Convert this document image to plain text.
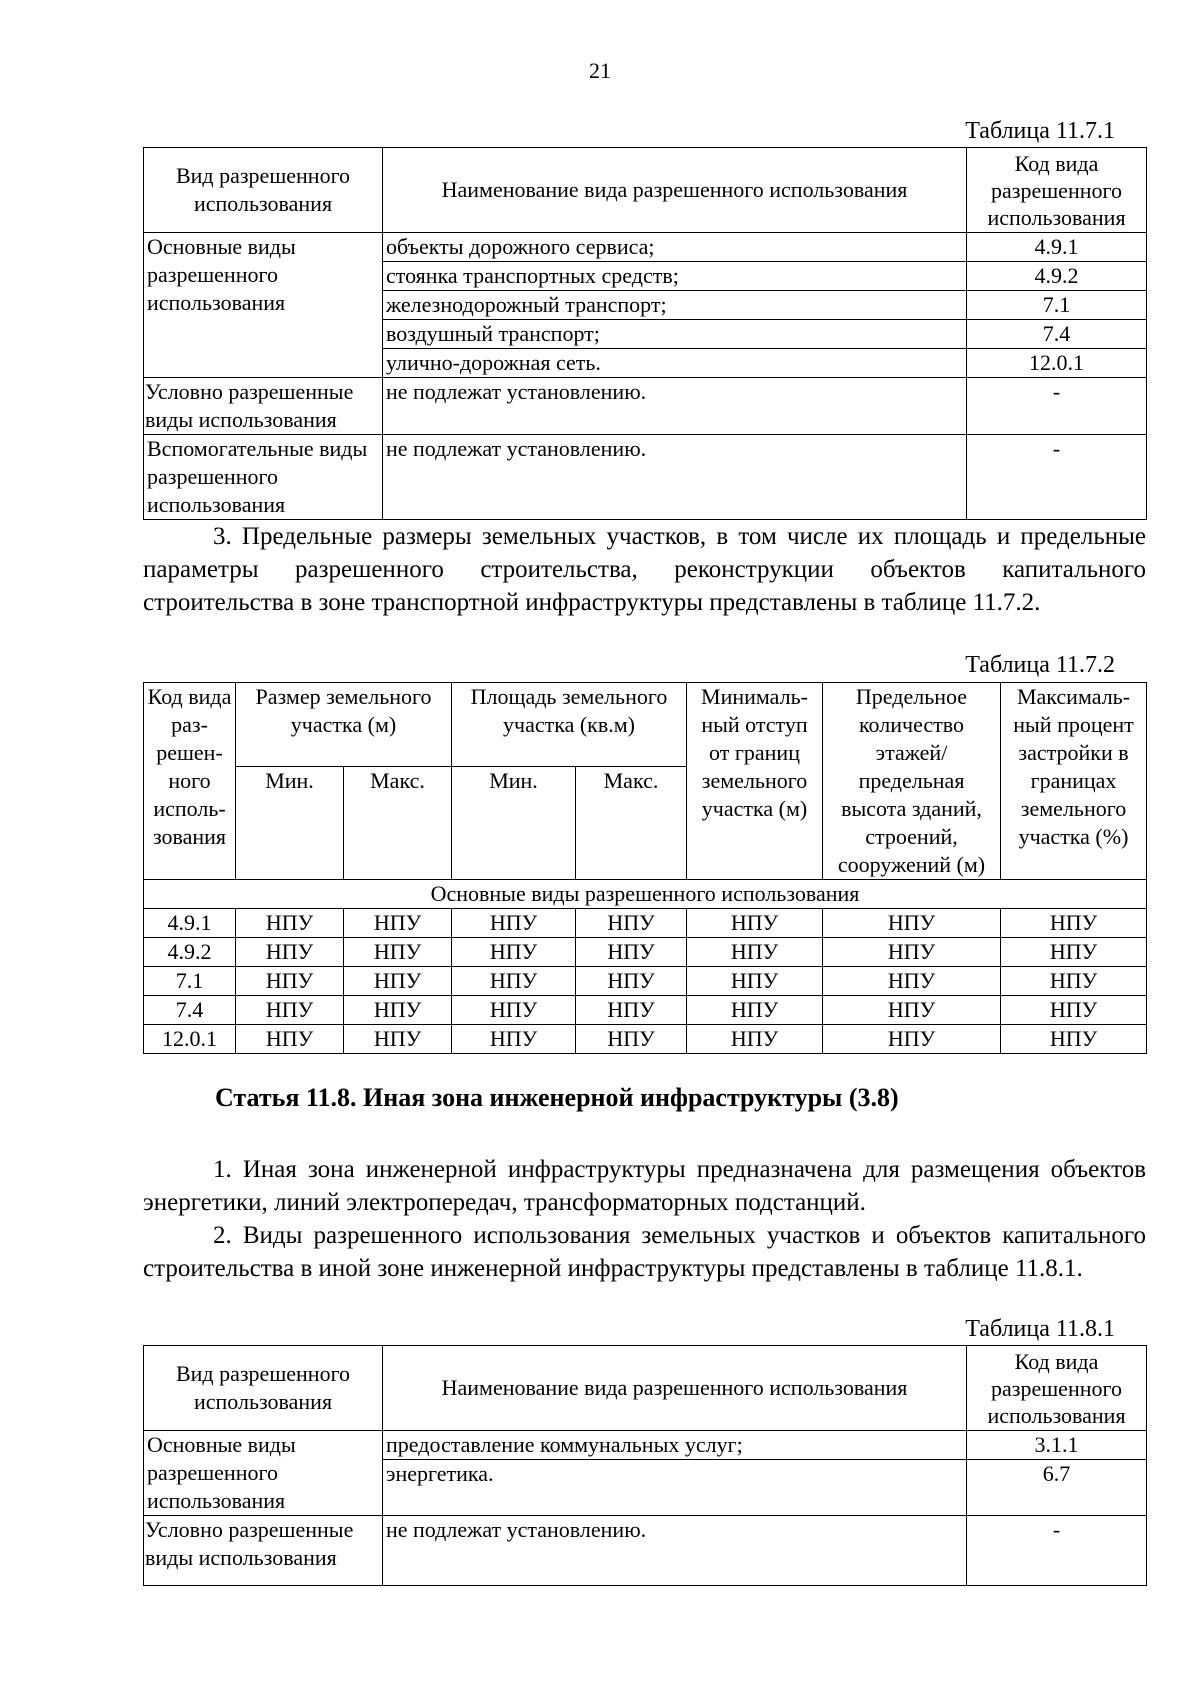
21
Таблица 11.7.1
Вид разрешенного использования	Наименование вида разрешенного использования	Код вида разрешенного использования
Основные виды разрешенного использования	объекты дорожного сервиса;	4.9.1
	стоянка транспортных средств;	4.9.2
	железнодорожный транспорт;	7.1
	воздушный транспорт;	7.4
	улично-дорожная сеть.	12.0.1
Условно разрешенные виды использования	не подлежат установлению.	-
Вспомогательные виды разрешенного использования	не подлежат установлению.	-

3. Предельные размеры земельных участков, в том числе их площадь и предельные параметры разрешенного строительства, реконструкции объектов капитального строительства в зоне транспортной инфраструктуры представлены в таблице 11.7.2.

Таблица 11.7.2
Код вида раз-решен-ного исполь-зования	Размер земельного участка (м)		Площадь земельного участка (кв.м)		Минималь-ный отступ от границ земельного участка (м)	Предельное количество этажей/ предельная высота зданий, строений, сооружений (м)	Максималь-ный процент застройки в границах земельного участка (%)
	Мин.	Макс.	Мин.	Макс.			
Основные виды разрешенного использования							
4.9.1	НПУ	НПУ	НПУ	НПУ	НПУ	НПУ	НПУ
4.9.2	НПУ	НПУ	НПУ	НПУ	НПУ	НПУ	НПУ
7.1	НПУ	НПУ	НПУ	НПУ	НПУ	НПУ	НПУ
7.4	НПУ	НПУ	НПУ	НПУ	НПУ	НПУ	НПУ
12.0.1	НПУ	НПУ	НПУ	НПУ	НПУ	НПУ	НПУ
Статья 11.8. Иная зона инженерной инфраструктуры (3.8)

1. Иная зона инженерной инфраструктуры предназначена для размещения объектов энергетики, линий электропередач, трансформаторных подстанций.

2. Виды разрешенного использования земельных участков и объектов капитального строительства в иной зоне инженерной инфраструктуры представлены в таблице 11.8.1.

Таблица 11.8.1
Вид разрешенного использования	Наименование вида разрешенного использования	Код вида разрешенного использования
Основные виды разрешенного использования	предоставление коммунальных услуг;	3.1.1
	энергетика.	6.7
Условно разрешенные виды использования	не подлежат установлению.	-
